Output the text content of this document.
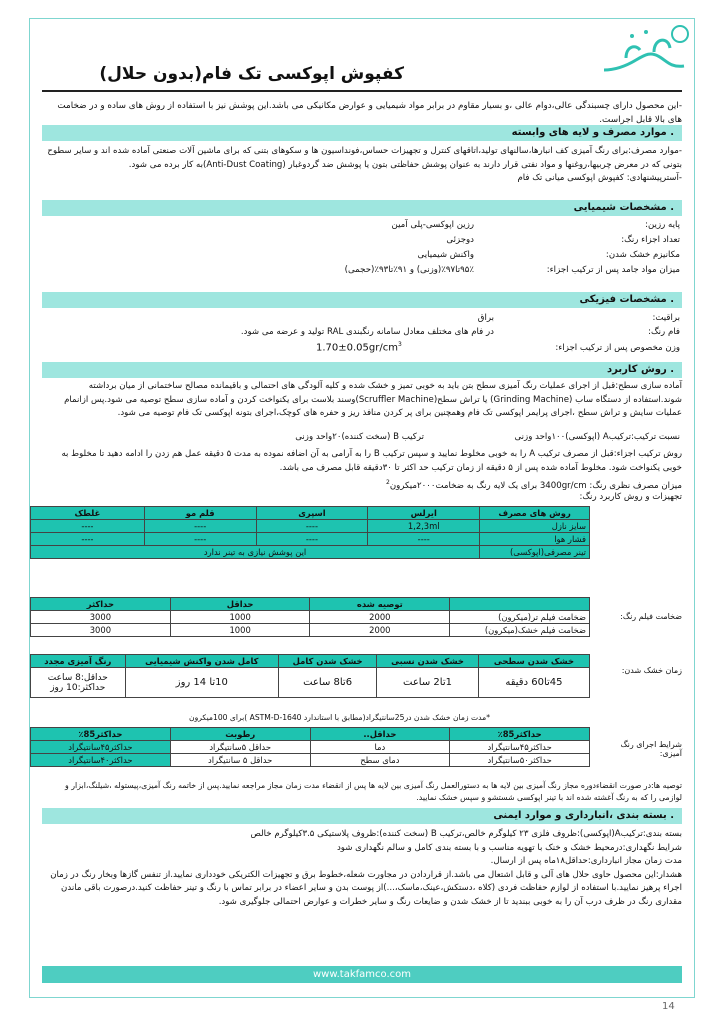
کفپوش اپوکسی تک فام(بدون حلال)
-این محصول دارای چسبندگی عالی،دوام عالی ،و بسیار مقاوم در برابر مواد شیمیایی و عوارض مکانیکی می باشد.این پوشش نیز با استفاده از روش های ساده و در ضخامت های بالا قابل اجراست.
. موارد مصرف و لایه های وابسته
-موارد مصرف:برای رنگ آمیزی کف انبارها،سالنهای تولید،اتاقهای کنترل و تجهیزات حساس،فونداسیون ها و سکوهای بتنی که برای ماشین آلات صنعتی آماده شده اند و سایر سطوح بتونی که در معرض چربیها،روغنها و مواد نفتی قرار دارند به عنوان پوشش حفاظتی بتون یا پوشش ضد گردوغبار (Anti-Dust Coating)به کار برده می شود.
-آسترپیشنهادی: کفپوش اپوکسی میانی تک فام
. مشخصات شیمیایی
پایه رزین:
رزین اپوکسی-پلی آمین
تعداد اجزاء رنگ:
دوجزئی
مکانیزم خشک شدن:
واکنش شیمیایی
میزان مواد جامد پس از ترکیب اجزاء:
۹۵٪تا۹۷٪(وزنی) و ۹۱٪تا۹۳٪(حجمی)
. مشخصات فیزیکی
براقیت:
براق
فام رنگ:
در فام های مختلف معادل سامانه رنگبندی RAL تولید و عرضه می شود.
وزن مخصوص پس از ترکیب اجزاء:
$1.70\pm 0.05gr/cm^3$
. روش کاربرد
آماده سازی سطح:قبل از اجرای عملیات رنگ آمیزی سطح بتن باید به خوبی تمیز و خشک شده و کلیه آلودگی های احتمالی و باقیمانده مصالح ساختمانی از میان برداشته شوند.استفاده از دستگاه ساب (Grinding Machine) یا تراش سطح(Scruffler Machine)وسند بلاست برای یکنواخت کردن و آماده سازی سطح توصیه می شود.پس ازانمام عملیات سایش و تراش سطح ،اجرای پرایمر اپوکسی تک فام وهمچنین برای پر کردن منافذ ریز و حفره های کوچک،اجرای بتونه اپوکسی تک فام توصیه می شود.
نسبت ترکیب:ترکیبA (اپوکسی)۱۰۰واحد وزنی
ترکیب B (سخت کننده)۲۰واحد وزنی
روش ترکیب اجزاء:قبل از مصرف ترکیب A را به خوبی مخلوط نمایید و سپس ترکیب B را به آرامی به آن اضافه نموده به مدت ۵ دقیقه عمل هم زدن را ادامه دهید تا مخلوط به خوبی یکنواخت شود. مخلوط آماده شده پس از ۵ دقیقه از زمان ترکیب حد اکثر تا ۳۰دقیقه قابل مصرف می باشد.
میزان مصرف نظری رنگ: 3400gr/cm برای یک لایه رنگ به ضخامت۲۰۰۰میکرون$^2$
تجهیزات و روش کاربرد رنگ:
روش های مصرف	ایرلس	اسپری	قلم مو	غلطک
سایز نازل	1,2,3ml	----	----	----
فشار هوا	----	----	----	----
تینر مصرفی(اپوکسی)	این پوشش نیازی به تینر ندارد			
ضخامت فیلم رنگ:
	توصیه شده	حداقل	حداکثر
ضخامت فیلم تر(میکرون)	2000	1000	3000
ضخامت فیلم خشک(میکرون)	2000	1000	3000
زمان خشک شدن:
خشک شدن سطحی	خشک شدن نسبی	خشک شدن کامل	کامل شدن واکنش شیمیایی	رنگ آمیزی مجدد
45تا60 دقیقه	1تا2 ساعت	6تا8 ساعت	10تا 14 روز	حداقل:8 ساعت
حداکثر:10 روز
*مدت زمان خشک شدن در25سانتیگراد(مطابق با استاندارد ASTM-D-1640 )برای 100میکرون
شرایط اجرای رنگ آمیزی:
حداکثر85٪	حداقل..	رطوبت	حداکثر85٪
حداکثر۴۵سانتیگراد	دما	حداقل ۵سانتیگراد	حداکثر۴۵سانتیگراد
حداکثر۵۰سانتیگراد	دمای سطح	حداقل ۵ سانتیگراد	حداکثر۴۰سانتیگراد
توصیه ها:در صورت انقضاءدوره مجاز رنگ آمیزی بین لایه ها به دستورالعمل رنگ آمیزی بین لایه ها پس از انقضاء مدت زمان مجاز مراجعه نمایید.پس از خاتمه رنگ آمیزی،پیستوله ،شیلنگ،ابزار و لوازمی را که به رنگ آغشته شده اند با تینر اپوکسی شستشو و سپس خشک نمایید.
. بسته بندی ،انبارداری و موارد ایمنی
بسته بندی:ترکیبA(اپوکسی):ظروف فلزی ۲۳ کیلوگرم خالص،ترکیب B (سخت کننده):ظروف پلاستیکی ۳.۵کیلوگرم خالص
شرایط نگهداری:درمحیط خشک و خنک با تهویه مناسب و با بسته بندی کامل و سالم نگهداری شود
مدت زمان مجاز انبارداری:حداقل۱۸ماه پس از ارسال.
هشدار:این محصول حاوی حلال های آلی و قابل اشتعال می باشد.از قراردادن در مجاورت شعله،خطوط برق و تجهیزات الکتریکی خودداری نمایید.از تنفس گازها وبخار رنگ در زمان اجراء پرهیز نمایید.با استفاده از لوازم حفاظت فردی (کلاه ،دستکش،عینک،ماسک،...)از پوست بدن و سایر اعضاء در برابر تماس با رنگ و تینر حفاظت کنید.درصورت باقی ماندن مقداری رنگ در ظرف درب آن را به خوبی ببندید تا از خشک شدن و ضایعات رنگ و سایر خطرات و عوارض احتمالی جلوگیری شود.
www.takfamco.com
14
